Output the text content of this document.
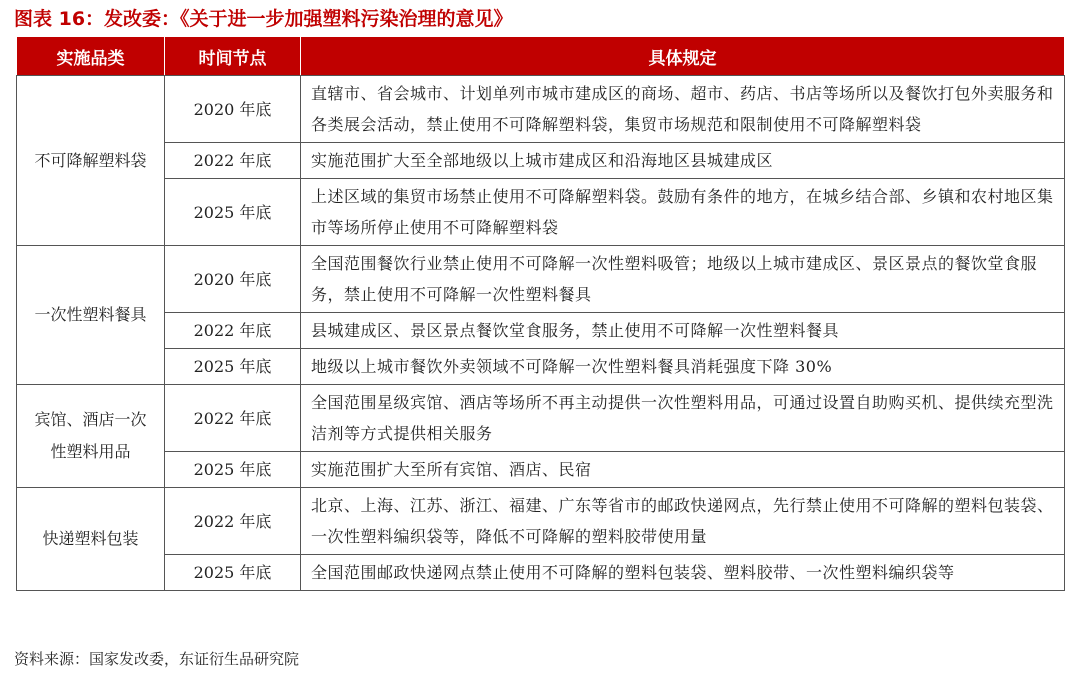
图表 16：发改委：《关于进一步加强塑料污染治理的意见》
实施品类	时间节点	具体规定
不可降解塑料袋	2020 年底	直辖市、省会城市、计划单列市城市建成区的商场、超市、药店、书店等场所以及餐饮打包外卖服务和各类展会活动，禁止使用不可降解塑料袋，集贸市场规范和限制使用不可降解塑料袋
	2022 年底	实施范围扩大至全部地级以上城市建成区和沿海地区县城建成区
	2025 年底	上述区域的集贸市场禁止使用不可降解塑料袋。鼓励有条件的地方，在城乡结合部、乡镇和农村地区集市等场所停止使用不可降解塑料袋
一次性塑料餐具	2020 年底	全国范围餐饮行业禁止使用不可降解一次性塑料吸管；地级以上城市建成区、景区景点的餐饮堂食服务，禁止使用不可降解一次性塑料餐具
	2022 年底	县城建成区、景区景点餐饮堂食服务，禁止使用不可降解一次性塑料餐具
	2025 年底	地级以上城市餐饮外卖领域不可降解一次性塑料餐具消耗强度下降 30%
宾馆、酒店一次性塑料用品	2022 年底	全国范围星级宾馆、酒店等场所不再主动提供一次性塑料用品，可通过设置自助购买机、提供续充型洗洁剂等方式提供相关服务
	2025 年底	实施范围扩大至所有宾馆、酒店、民宿
快递塑料包装	2022 年底	北京、上海、江苏、浙江、福建、广东等省市的邮政快递网点，先行禁止使用不可降解的塑料包装袋、一次性塑料编织袋等，降低不可降解的塑料胶带使用量
	2025 年底	全国范围邮政快递网点禁止使用不可降解的塑料包装袋、塑料胶带、一次性塑料编织袋等
资料来源：国家发改委，东证衍生品研究院
